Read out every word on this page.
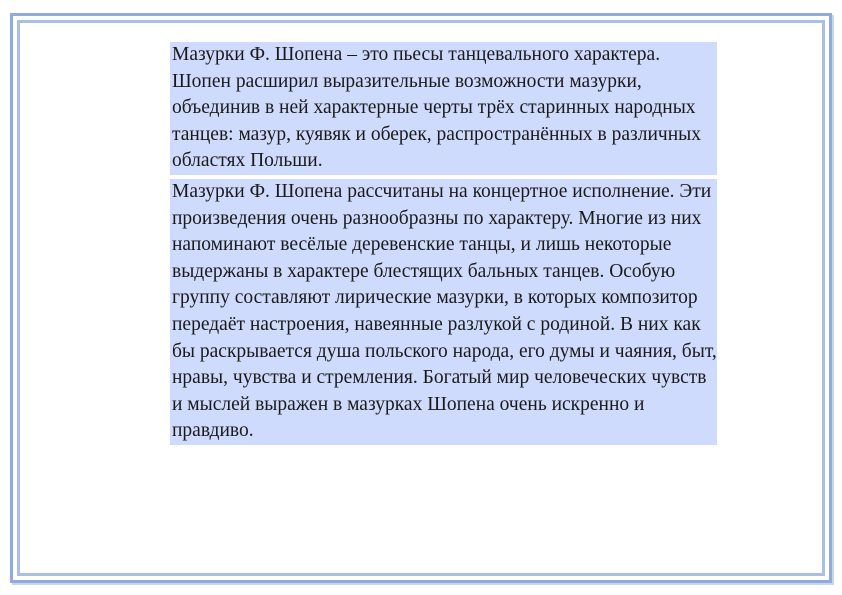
Мазурки Ф. Шопена – это пьесы танцевального характера. Шопен расширил выразительные возможности мазурки, объединив в ней характерные черты трёх старинных народных танцев: мазур, куявяк и оберек, распространённых в различных областях Польши.

Мазурки Ф. Шопена рассчитаны на концертное исполнение. Эти произведения очень разнообразны по характеру. Многие из них напоминают весёлые деревенские танцы, и лишь некоторые выдержаны в характере блестящих бальных танцев. Особую группу составляют лирические мазурки, в которых композитор передаёт настроения, навеянные разлукой с родиной. В них как бы раскрывается душа польского народа, его думы и чаяния, быт, нравы, чувства и стремления. Богатый мир человеческих чувств и мыслей выражен в мазурках Шопена очень искренно и правдиво.
